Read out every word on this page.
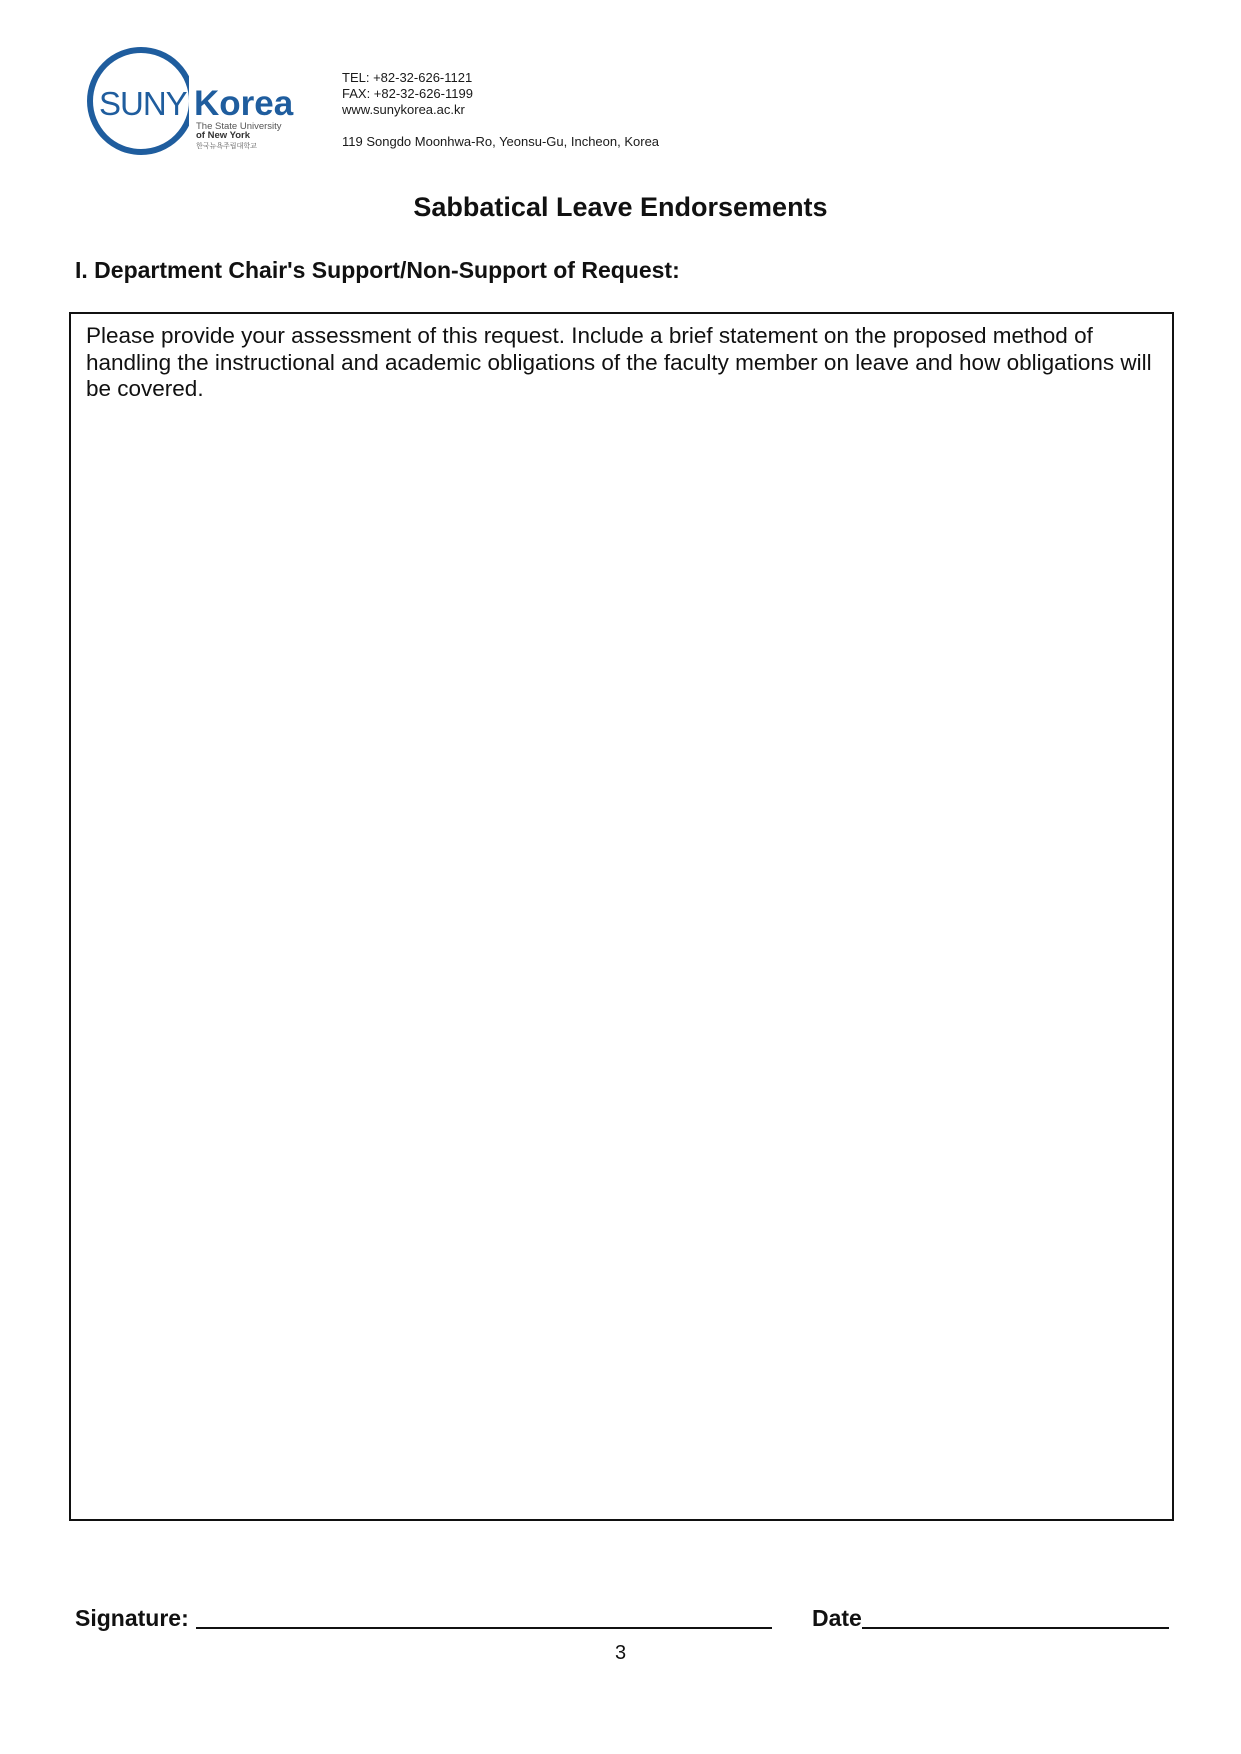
SUNY Korea
The State University
of New York
한국뉴욕주립대학교
TEL: +82-32-626-1121
FAX: +82-32-626-1199
www.sunykorea.ac.kr
119 Songdo Moonhwa-Ro, Yeonsu-Gu, Incheon, Korea
Sabbatical Leave Endorsements
I. Department Chair's Support/Non-Support of Request:
Please provide your assessment of this request. Include a brief statement on the proposed method of handling the instructional and academic obligations of the faculty member on leave and how obligations will be covered.
Signature:	Date
3
